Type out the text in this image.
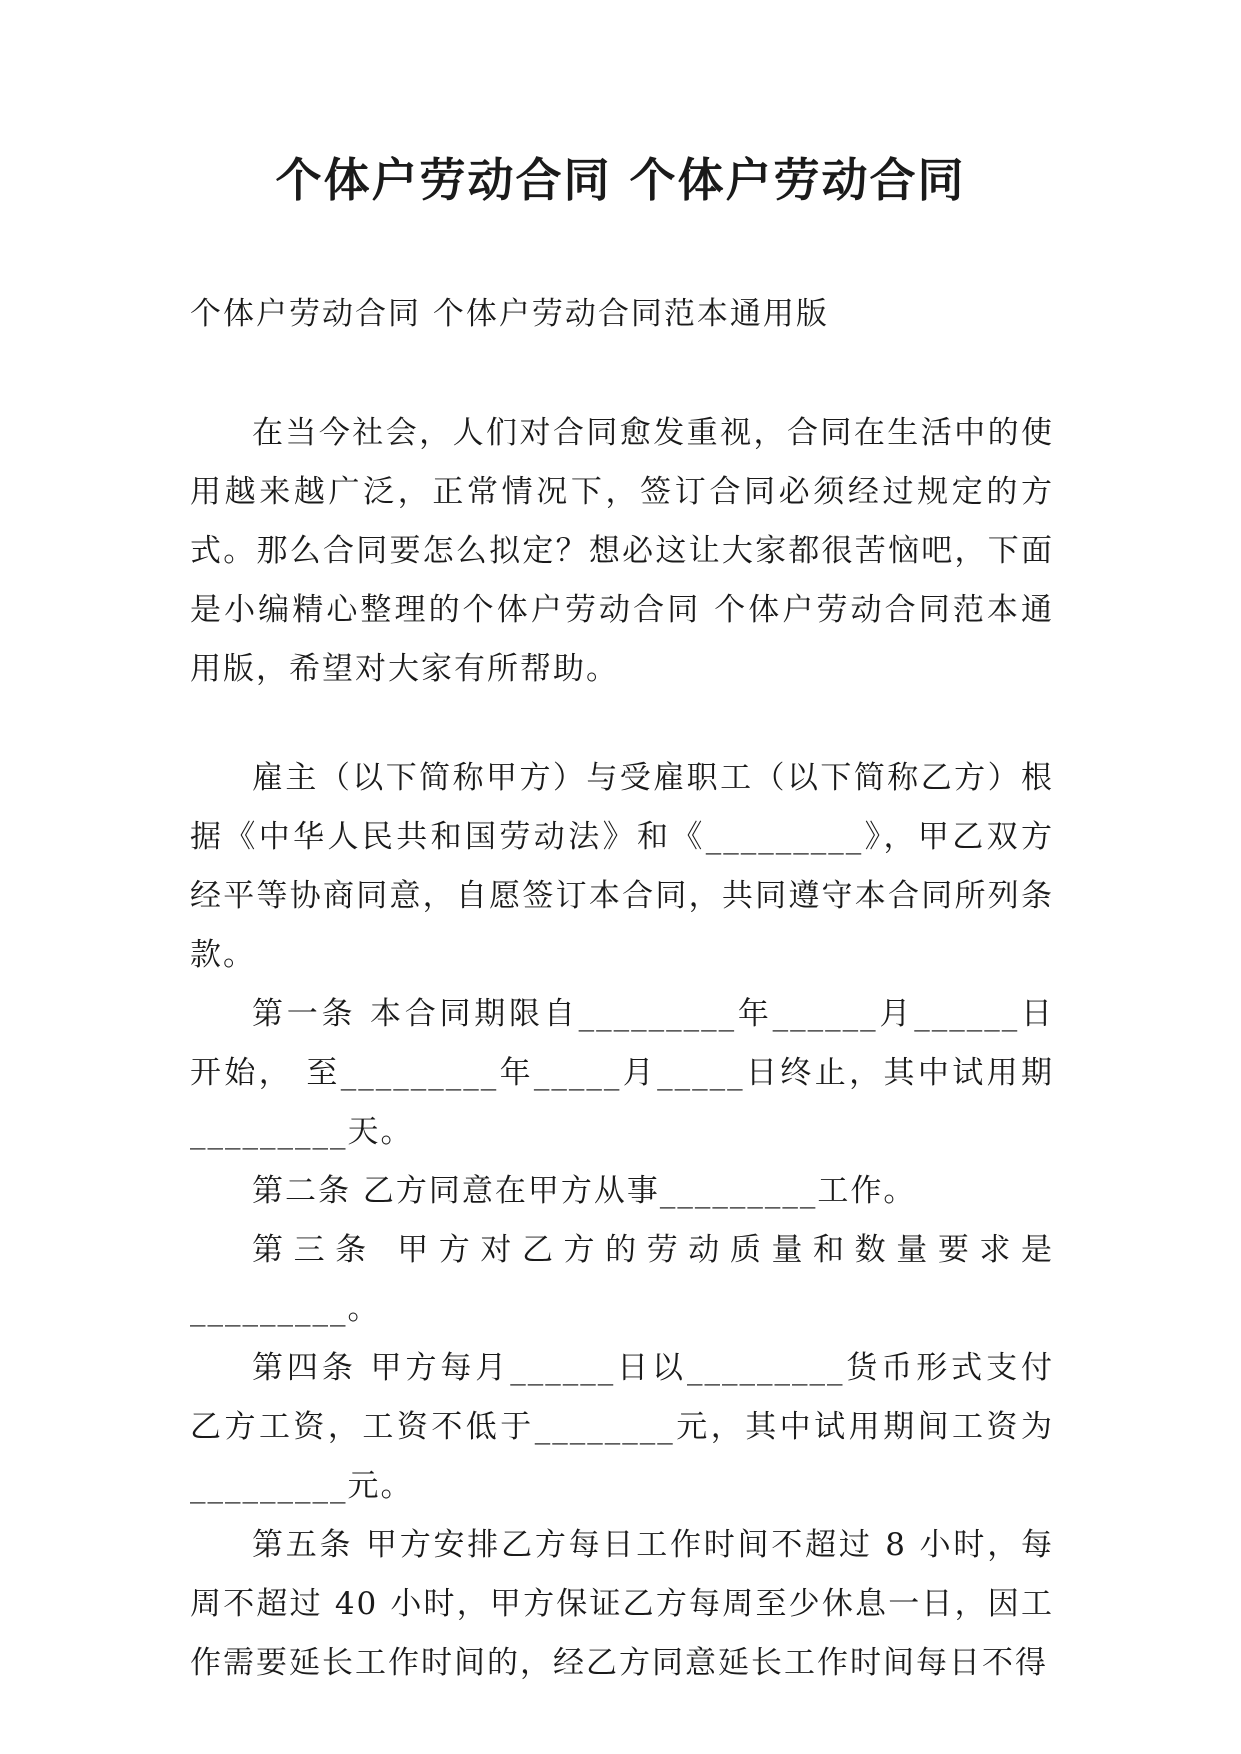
个体户劳动合同 个体户劳动合同
个体户劳动合同 个体户劳动合同范本通用版

在当今社会，人们对合同愈发重视，合同在生活中的使用越来越广泛，正常情况下，签订合同必须经过规定的方式。那么合同要怎么拟定？想必这让大家都很苦恼吧，下面是小编精心整理的个体户劳动合同 个体户劳动合同范本通用版，希望对大家有所帮助。

雇主（以下简称甲方）与受雇职工（以下简称乙方）根据《中华人民共和国劳动法》和《_________》，甲乙双方经平等协商同意，自愿签订本合同，共同遵守本合同所列条款。

第一条 本合同期限自_________年______月______日开始， 至_________年_____月_____日终止，其中试用期_________天。

第二条 乙方同意在甲方从事_________工作。

第三条 甲方对乙方的劳动质量和数量要求是_________。

第四条 甲方每月______日以_________货币形式支付乙方工资，工资不低于________元，其中试用期间工资为_________元。

第五条 甲方安排乙方每日工作时间不超过 8 小时，每周不超过 40 小时，甲方保证乙方每周至少休息一日，因工作需要延长工作时间的，经乙方同意延长工作时间每日不得
